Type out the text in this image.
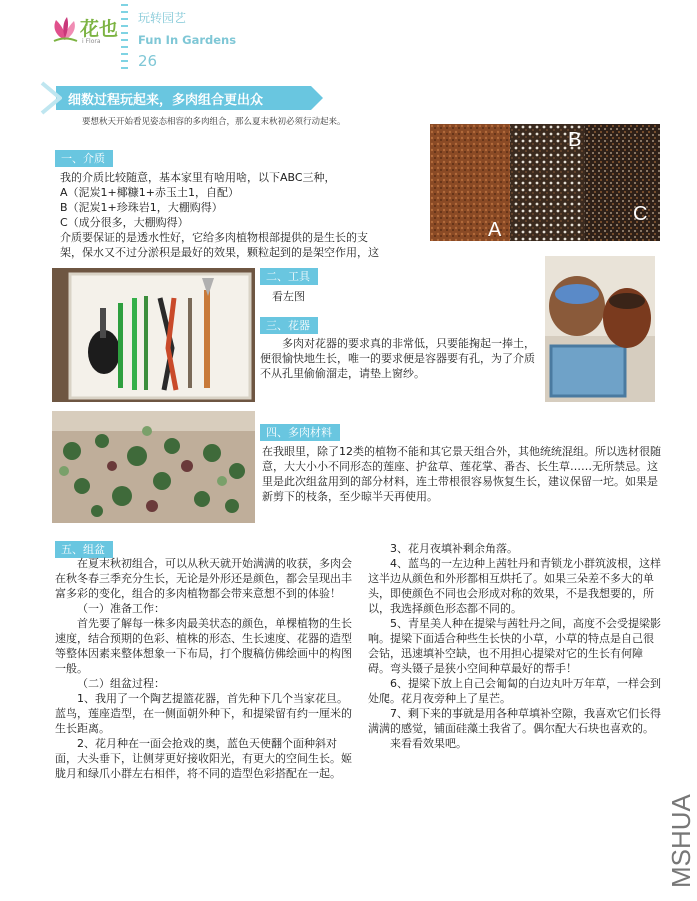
花也
i Flora
玩转园艺
Fun In Gardens
26
细数过程玩起来，多肉组合更出众
要想秋天开始看见姿态相容的多肉组合，那么夏末秋初必须行动起来。
一、介质
我的介质比较随意，基本家里有啥用啥，以下ABC三种，
A（泥炭1+椰糠1+赤玉土1，自配）
B（泥炭1+珍珠岩1，大棚购得）
C（成分很多，大棚购得）
介质要保证的是透水性好，它给多肉植物根部提供的是生长的支
架，保水又不过分淤积是最好的效果，颗粒起到的是架空作用，这
A
B
C
二、工具
看左图
三、花器
多肉对花器的要求真的非常低，只要能掬起一捧土，便很愉快地生长，唯一的要求便是容器要有孔，为了介质不从孔里偷偷溜走，请垫上窗纱。
四、多肉材料
在我眼里，除了12类的植物不能和其它景天组合外，其他统统混组。所以选材很随意，大大小小不同形态的莲座、护盆草、莲花掌、番杏、长生草……无所禁忌。这里是此次组盆用到的部分材料，连土带根很容易恢复生长，建议保留一坨。如果是新剪下的枝条，至少晾半天再使用。
五、组盆
在夏末秋初组合，可以从秋天就开始满满的收获，多肉会在秋冬春三季充分生长，无论是外形还是颜色，都会呈现出丰富多彩的变化，组合的多肉植物都会带来意想不到的体验！
（一）准备工作：
首先要了解每一株多肉最美状态的颜色，单棵植物的生长速度，结合预期的色彩、植株的形态、生长速度、花器的造型等整体因素来整体想象一下布局，打个腹稿仿佛绘画中的构图一般。
（二）组盆过程：
1、我用了一个陶艺提篮花器，首先种下几个当家花旦。蓝鸟，莲座造型，在一侧面朝外种下，和提梁留有约一厘米的生长距离。
2、花月种在一面会抢戏的奥，蓝色天使翻个面种斜对面，大头垂下，让侧芽更好接收阳光，有更大的空间生长。姬胧月和绿爪小群左右相伴，将不同的造型色彩搭配在一起。
3、花月夜填补剩余角落。
4、蓝鸟的一左边种上茜牡丹和青锁龙小群筑波根，这样这半边从颜色和外形都相互烘托了。如果三朵差不多大的单头，即使颜色不同也会形成对称的效果，不是我想要的，所以，我选择颜色形态都不同的。
5、青星美人种在提梁与茜牡丹之间，高度不会受提梁影响。提梁下面适合种些生长快的小草，小草的特点是自己很会钻，迅速填补空缺，也不用担心提梁对它的生长有何障碍。弯头镊子是狭小空间种草最好的帮手！
6、提梁下放上自己会匍匐的白边丸叶万年草，一样会到处爬。花月夜旁种上了星芒。
7、剩下来的事就是用各种草填补空隙，我喜欢它们长得满满的感觉，铺面硅藻土我省了。偶尔配大石块也喜欢的。
来看看效果吧。
MSHUA
